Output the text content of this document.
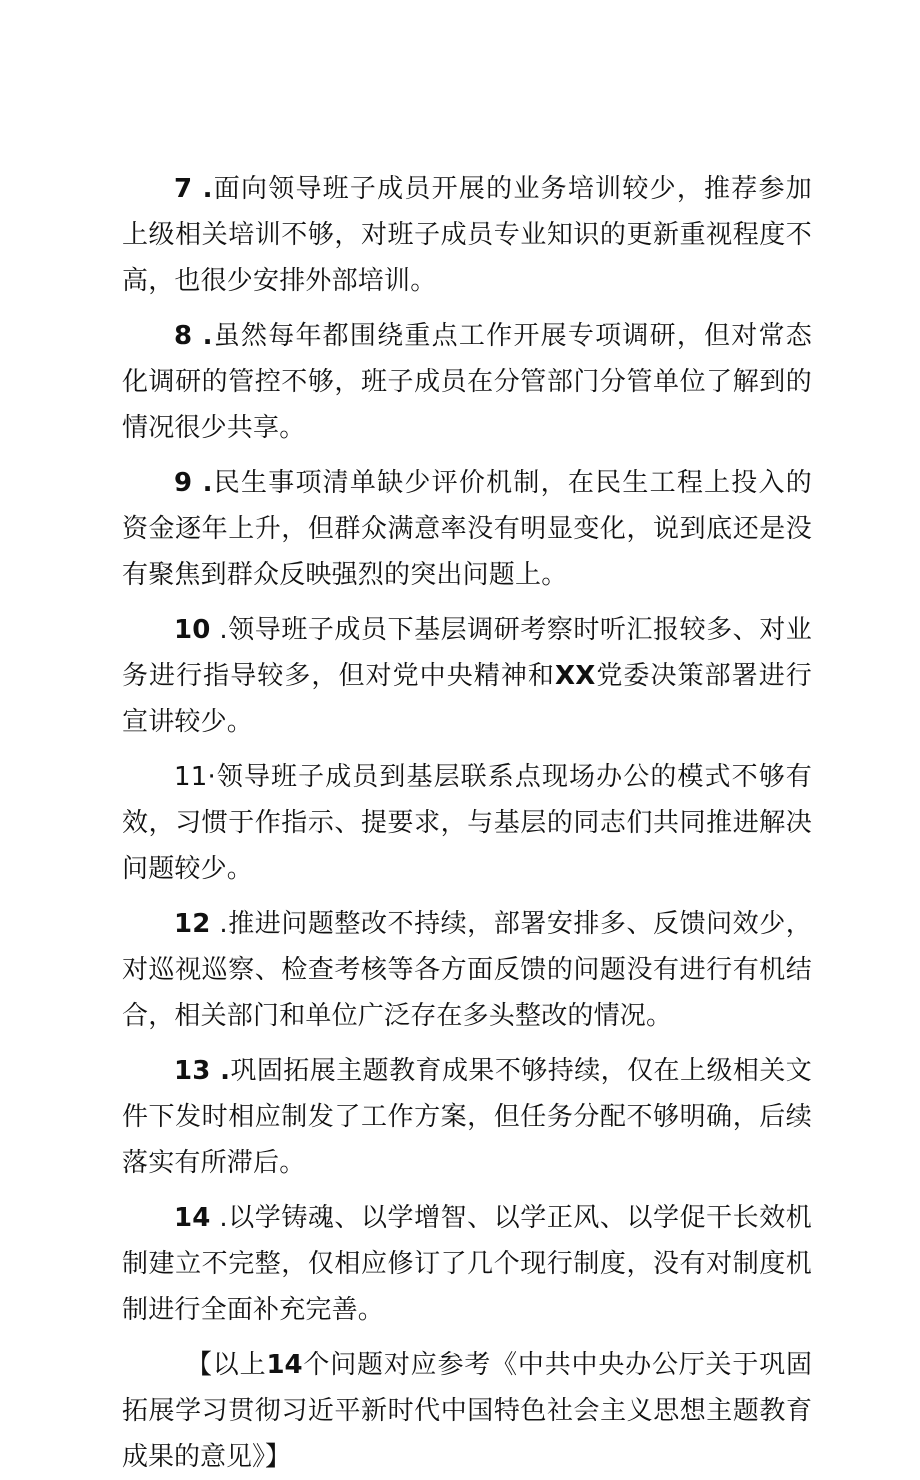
7 .面向领导班子成员开展的业务培训较少，推荐参加上级相关培训不够，对班子成员专业知识的更新重视程度不高，也很少安排外部培训。

8 .虽然每年都围绕重点工作开展专项调研，但对常态化调研的管控不够，班子成员在分管部门分管单位了解到的情况很少共享。

9 .民生事项清单缺少评价机制，在民生工程上投入的资金逐年上升，但群众满意率没有明显变化，说到底还是没有聚焦到群众反映强烈的突出问题上。

10 .领导班子成员下基层调研考察时听汇报较多、对业务进行指导较多，但对党中央精神和XX党委决策部署进行宣讲较少。

11·领导班子成员到基层联系点现场办公的模式不够有效，习惯于作指示、提要求，与基层的同志们共同推进解决问题较少。

12 .推进问题整改不持续，部署安排多、反馈问效少，对巡视巡察、检查考核等各方面反馈的问题没有进行有机结合，相关部门和单位广泛存在多头整改的情况。

13 .巩固拓展主题教育成果不够持续，仅在上级相关文件下发时相应制发了工作方案，但任务分配不够明确，后续落实有所滞后。

14 .以学铸魂、以学增智、以学正风、以学促干长效机制建立不完整，仅相应修订了几个现行制度，没有对制度机制进行全面补充完善。

【以上14个问题对应参考《中共中央办公厅关于巩固拓展学习贯彻习近平新时代中国特色社会主义思想主题教育成果的意见》】
